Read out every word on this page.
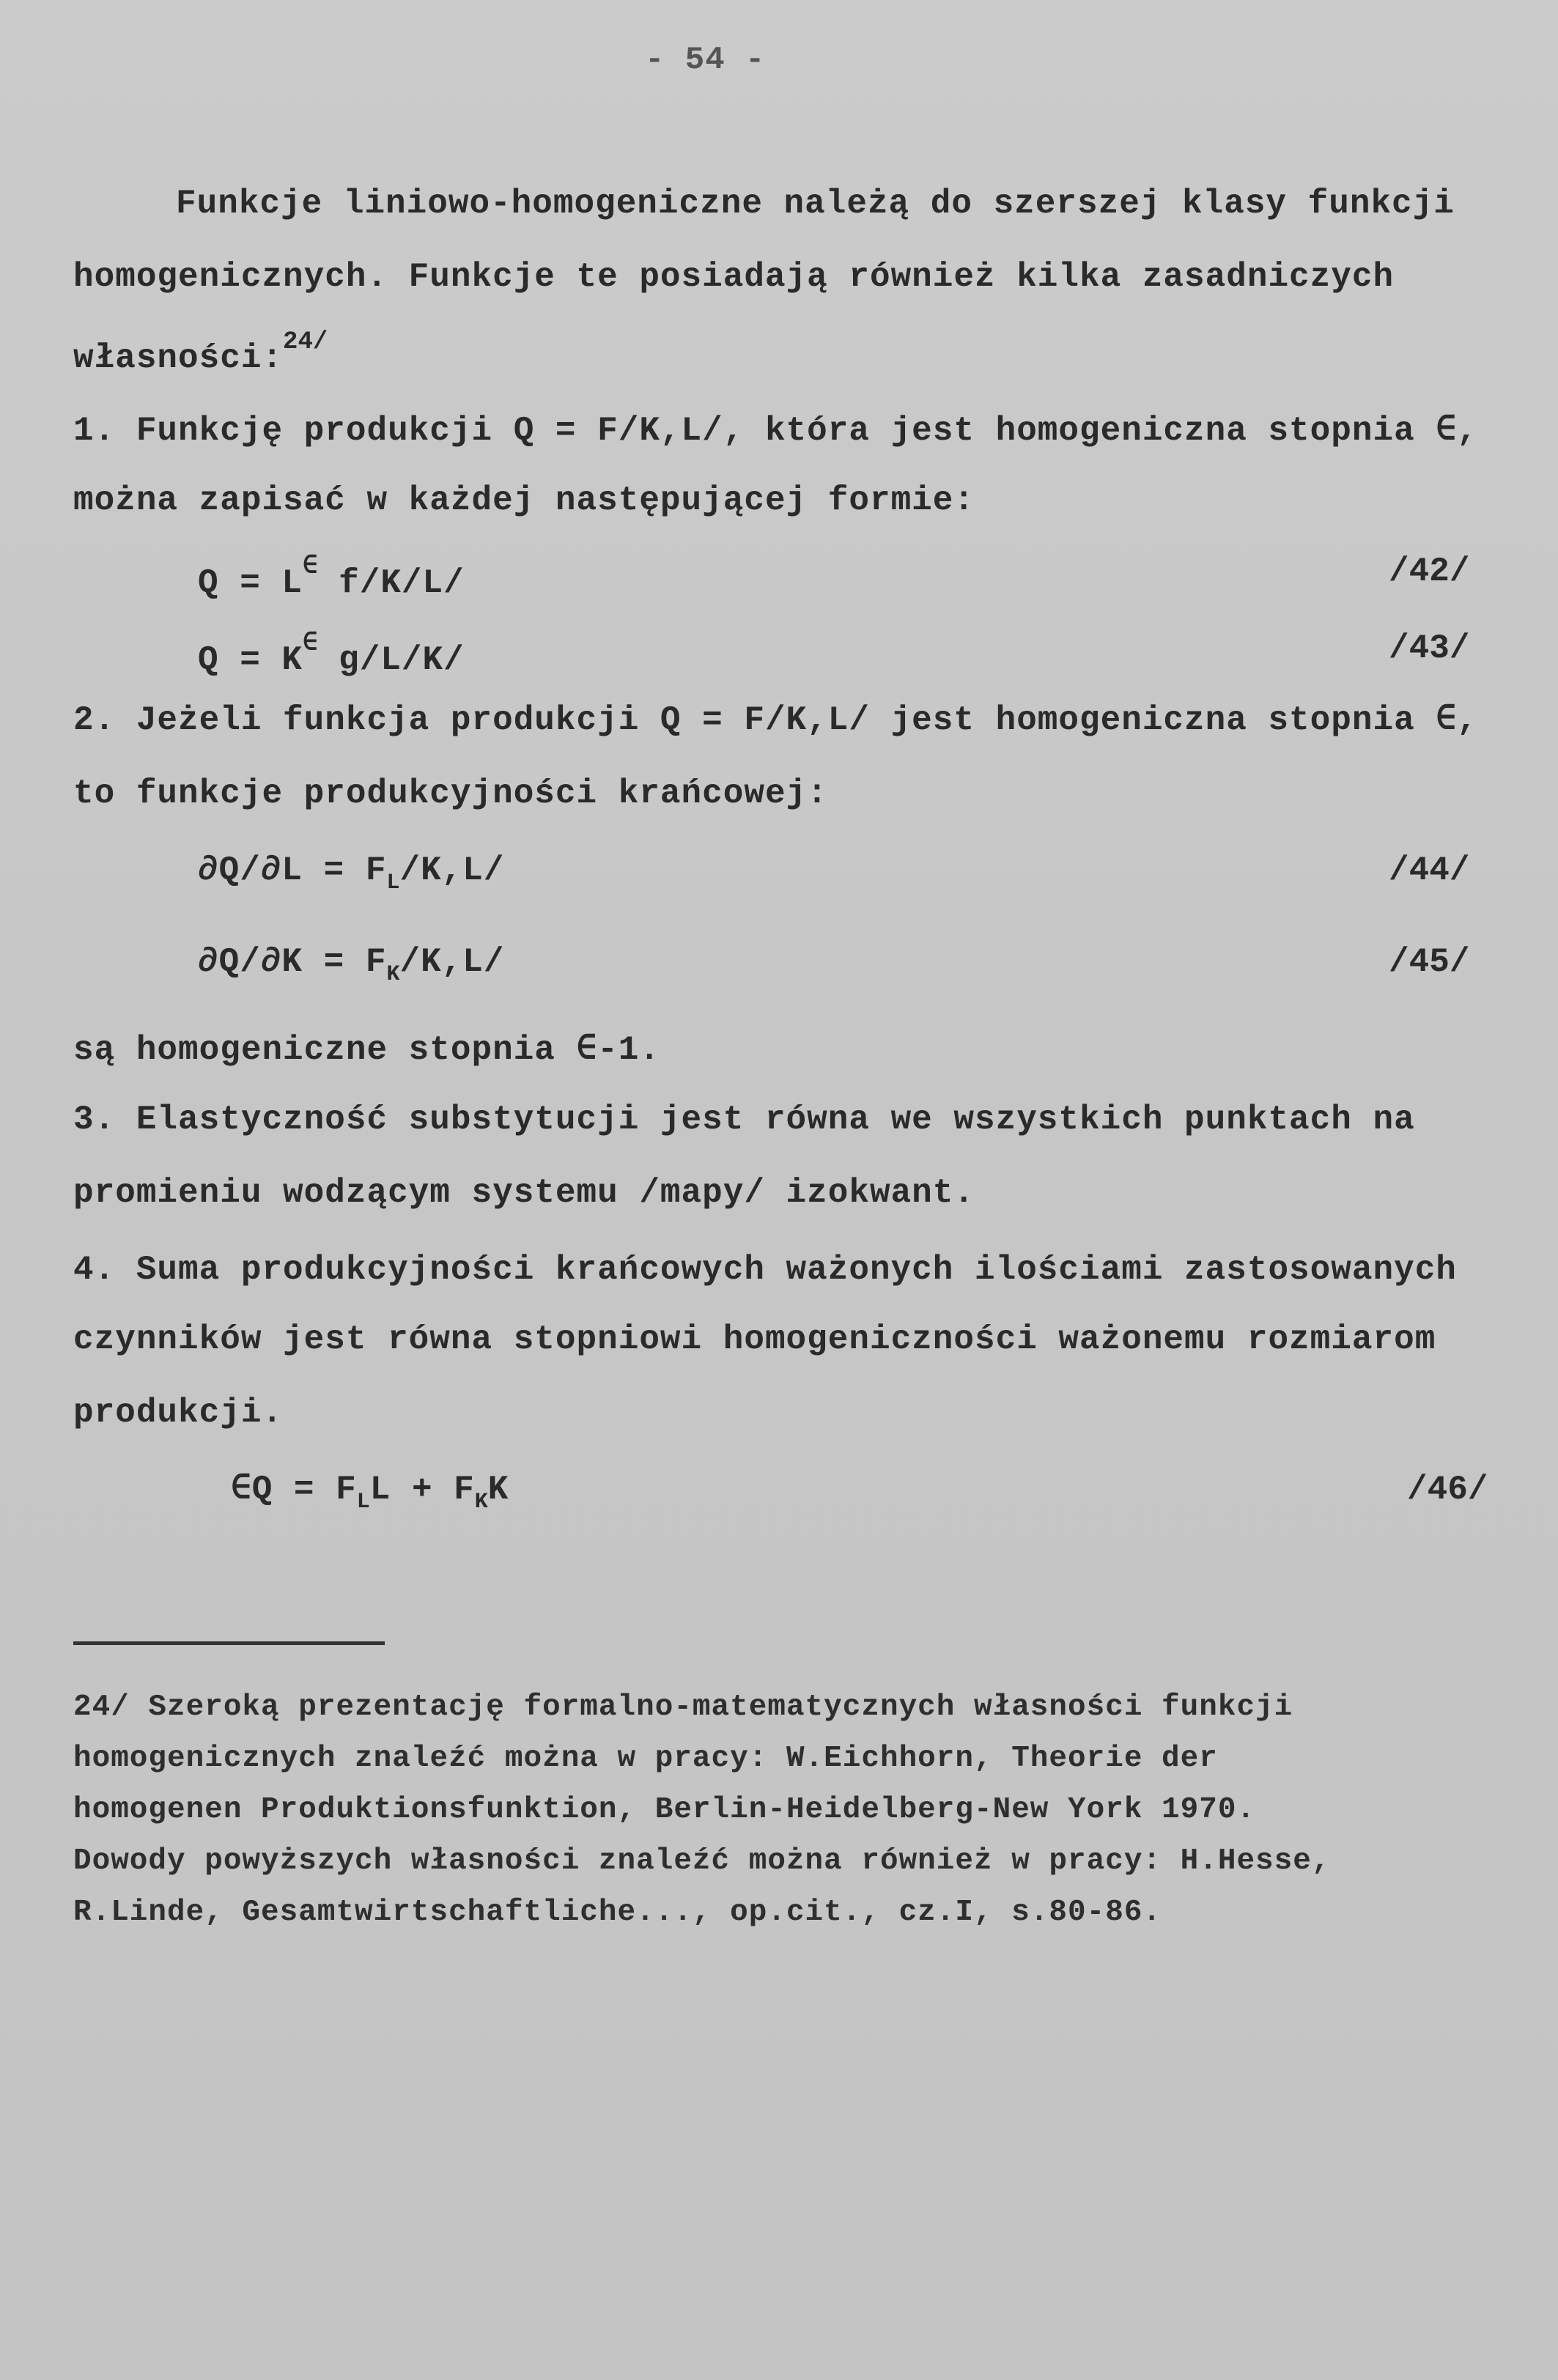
- 54 -
Funkcje liniowo-homogeniczne należą do szerszej klasy funkcji
homogenicznych. Funkcje te posiadają również kilka zasadniczych
własności:$^{24/}$
1. Funkcję produkcji Q = F/K,L/, która jest homogeniczna stopnia ∈,
można zapisać w każdej następującej formie:
Q = L∈ f/K/L/	/42/
Q = K∈ g/L/K/	/43/
2. Jeżeli funkcja produkcji Q = F/K,L/ jest homogeniczna stopnia ∈,
to funkcje produkcyjności krańcowej:
$\partial Q/\partial L = F_L/K,L/$	/44/
$\partial Q/\partial K = F_K/K,L/$	/45/
są homogeniczne stopnia ∈-1.
3. Elastyczność substytucji jest równa we wszystkich punktach na
promieniu wodzącym systemu /mapy/ izokwant.
4. Suma produkcyjności krańcowych ważonych ilościami zastosowanych
czynników jest równa stopniowi homogeniczności ważonemu rozmiarom
produkcji.
∈Q = $F_LL + F_KK$	/46/
24/ Szeroką prezentację formalno-matematycznych własności funkcji
homogenicznych znaleźć można w pracy: W.Eichhorn, Theorie der
homogenen Produktionsfunktion, Berlin-Heidelberg-New York 1970.
Dowody powyższych własności znaleźć można również w pracy: H.Hesse,
R.Linde, Gesamtwirtschaftliche..., op.cit., cz.I, s.80-86.
